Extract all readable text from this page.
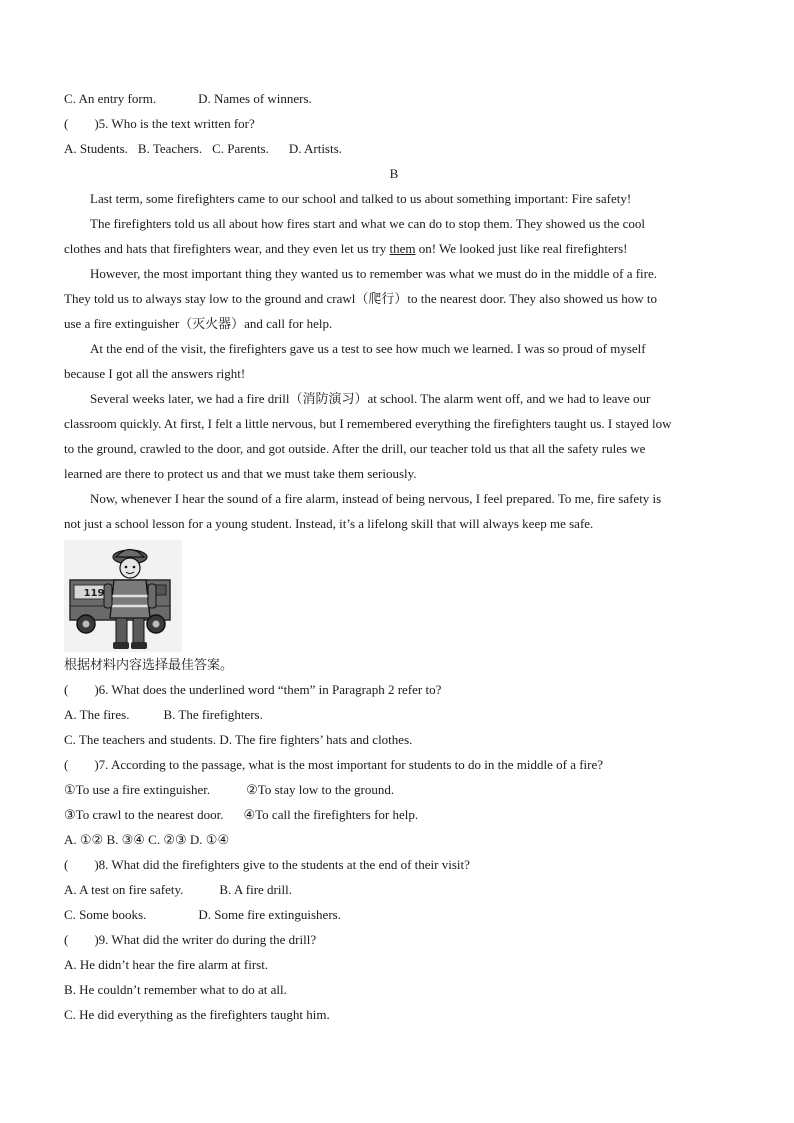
C. An entry form.	D. Names of winners.
(　　)5. Who is the text written for?
A. Students. B. Teachers. C. Parents. D. Artists.
B
Last term, some firefighters came to our school and talked to us about something important: Fire safety!
The firefighters told us all about how fires start and what we can do to stop them. They showed us the cool
clothes and hats that firefighters wear, and they even let us try them on! We looked just like real firefighters!
However, the most important thing they wanted us to remember was what we must do in the middle of a fire.
They told us to always stay low to the ground and crawl（爬行）to the nearest door. They also showed us how to
use a fire extinguisher（灭火器）and call for help.
At the end of the visit, the firefighters gave us a test to see how much we learned. I was so proud of myself
because I got all the answers right!
Several weeks later, we had a fire drill（消防演习）at school. The alarm went off, and we had to leave our
classroom quickly. At first, I felt a little nervous, but I remembered everything the firefighters taught us. I stayed low
to the ground, crawled to the door, and got outside. After the drill, our teacher told us that all the safety rules we
learned are there to protect us and that we must take them seriously.
Now, whenever I hear the sound of a fire alarm, instead of being nervous, I feel prepared. To me, fire safety is
not just a school lesson for a young student. Instead, it’s a lifelong skill that will always keep me safe.
119
根据材料内容选择最佳答案。
(　　)6. What does the underlined word “them” in Paragraph 2 refer to?
A. The fires.	B. The firefighters.
C. The teachers and students. D. The fire fighters’ hats and clothes.
(　　)7. According to the passage, what is the most important for students to do in the middle of a fire?
①To use a fire extinguisher.	②To stay low to the ground.
③To crawl to the nearest door. ④To call the firefighters for help.
A. ①② B. ③④ C. ②③ D. ①④
(　　)8. What did the firefighters give to the students at the end of their visit?
A. A test on fire safety.	B. A fire drill.
C. Some books.	D. Some fire extinguishers.
(　　)9. What did the writer do during the drill?
A. He didn’t hear the fire alarm at first.
B. He couldn’t remember what to do at all.
C. He did everything as the firefighters taught him.
